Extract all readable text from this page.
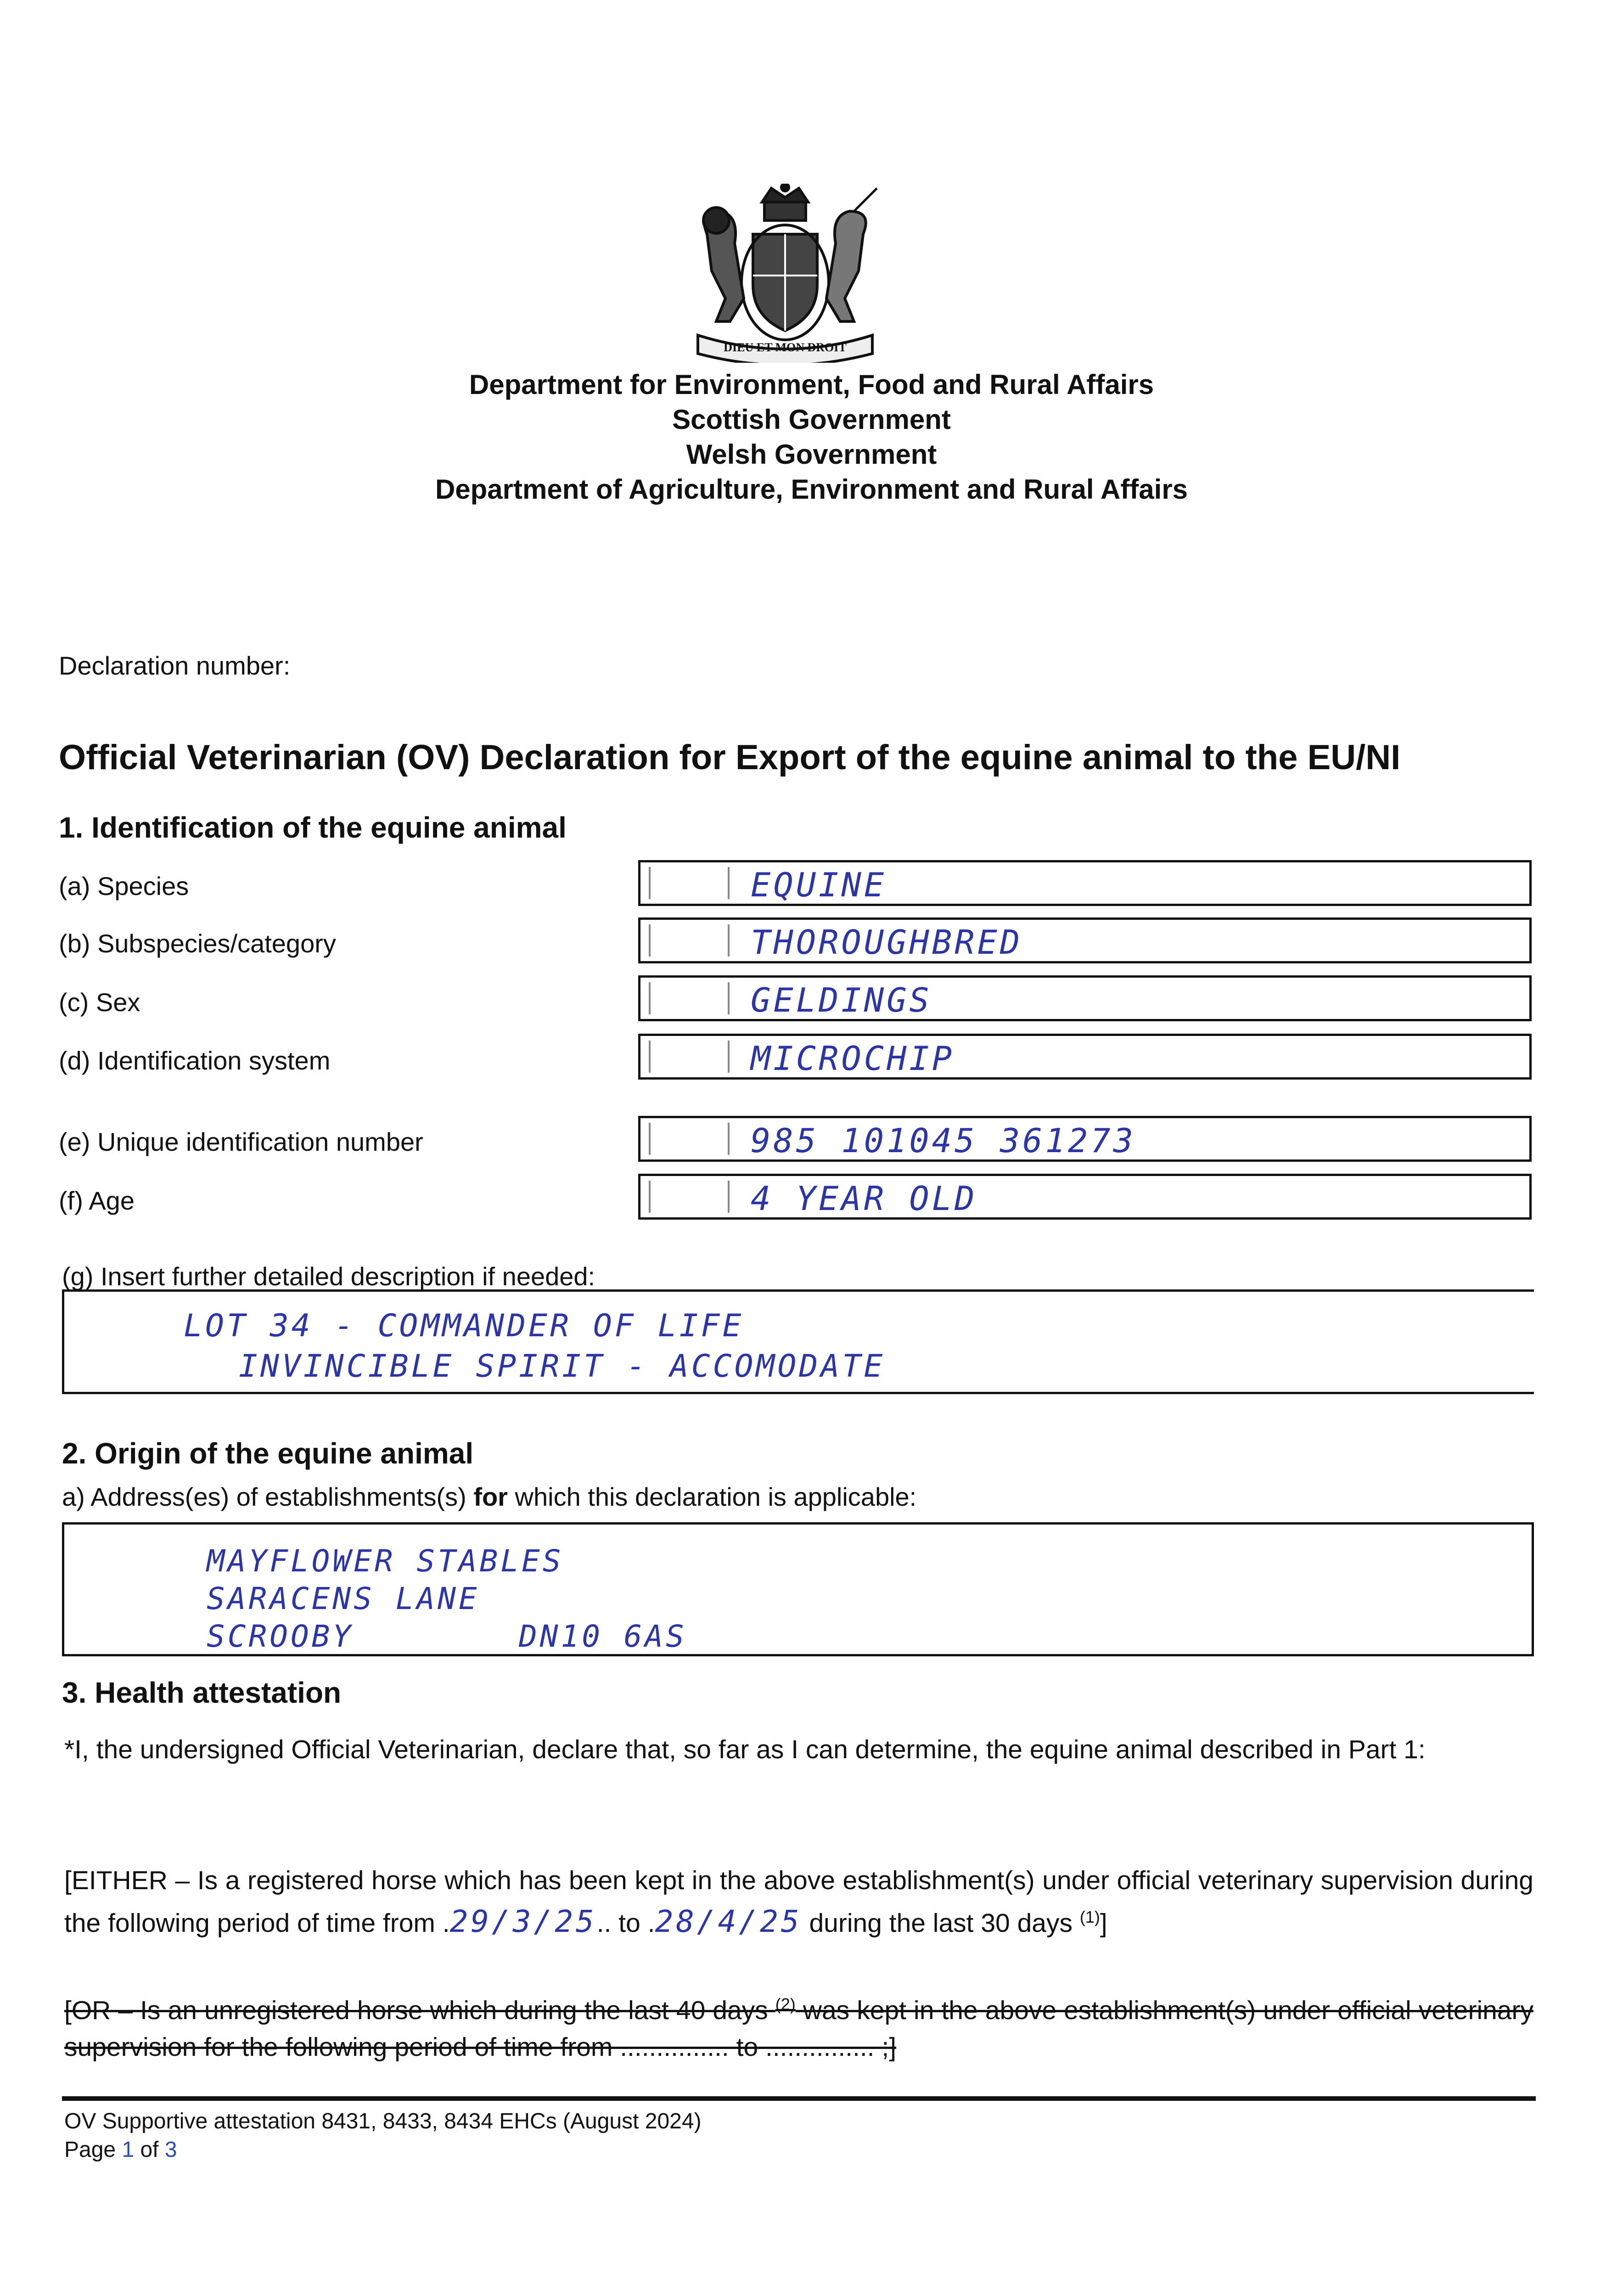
DIEU ET MON DROIT
Department for Environment, Food and Rural Affairs
Scottish Government
Welsh Government
Department of Agriculture, Environment and Rural Affairs
Declaration number:
Official Veterinarian (OV) Declaration for Export of the equine animal to the EU/NI
1. Identification of the equine animal
(a) Species	EQUINE
(b) Subspecies/category	THOROUGHBRED
(c) Sex	GELDINGS
(d) Identification system	MICROCHIP
(e) Unique identification number	985 101045 361273
(f) Age	4 YEAR OLD
(g) Insert further detailed description if needed:
LOT 34 - COMMANDER OF LIFE
INVINCIBLE SPIRIT - ACCOMODATE
2. Origin of the equine animal
a) Address(es) of establishments(s) for which this declaration is applicable:
MAYFLOWER STABLES
SARACENS LANE
SCROOBY	DN10 6AS
3. Health attestation
*I, the undersigned Official Veterinarian, declare that, so far as I can determine, the equine animal described in Part 1:
[EITHER – Is a registered horse which has been kept in the above establishment(s) under official veterinary supervision during the following period of time from .29/3/25.. to .28/4/25 during the last 30 days $^{(1)}$]
[OR – Is an unregistered horse which during the last 40 days $^{(2)}$ was kept in the above establishment(s) under official veterinary supervision for the following period of time from ............... to ............... ;]
OV Supportive attestation 8431, 8433, 8434 EHCs (August 2024)
Page 1 of 3
